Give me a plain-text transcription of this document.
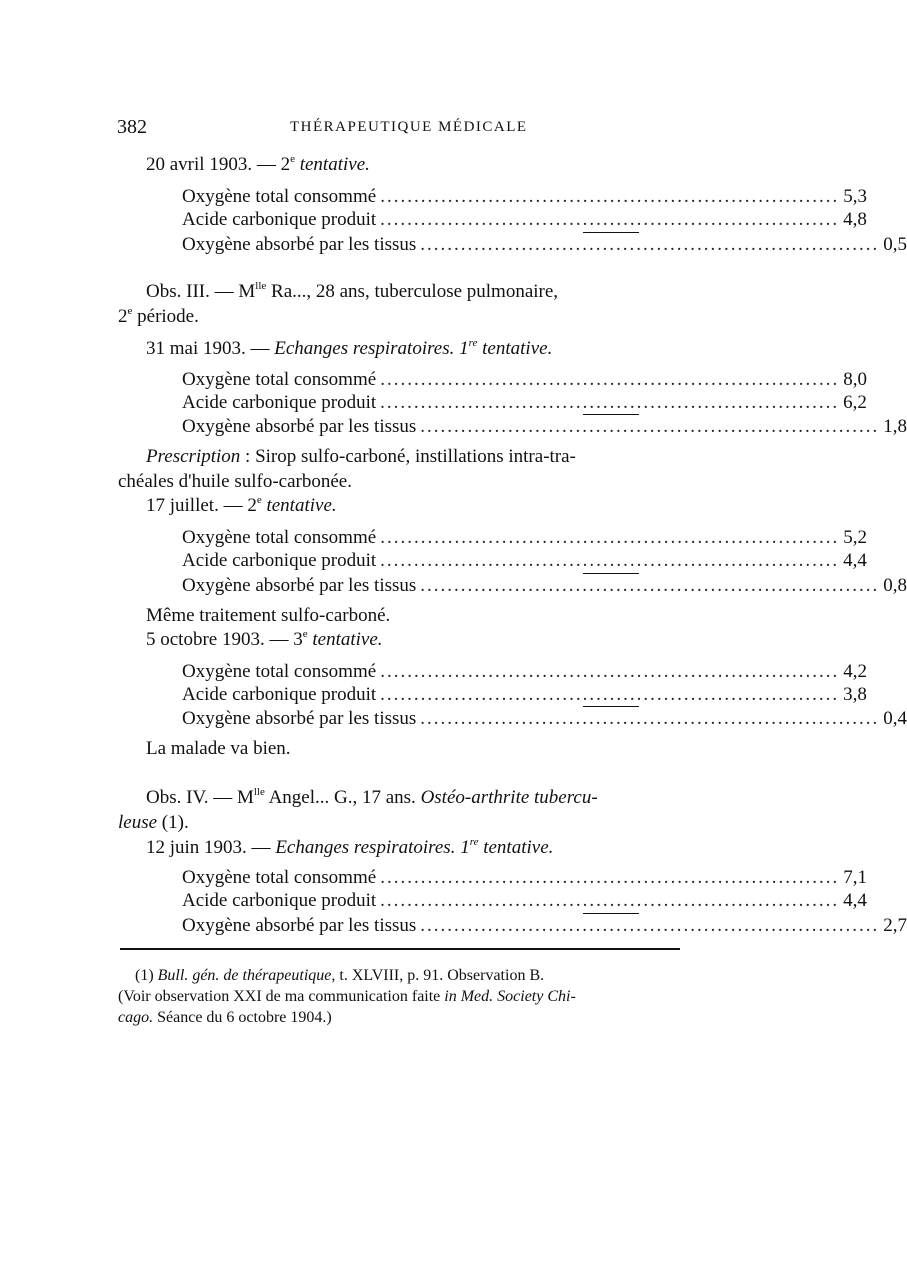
382	THÉRAPEUTIQUE MÉDICALE
20 avril 1903. — 2e tentative.
Oxygène total consommé .................................................................... 5,3
Acide carbonique produit .................................................................... 4,8
Oxygène absorbé par les tissus .................................................................... 0,5
Obs. III. — $M^{lle}$ Ra..., 28 ans, tuberculose pulmonaire,
2e période.
31 mai 1903. — Echanges respiratoires. 1re tentative.
Oxygène total consommé .................................................................... 8,0
Acide carbonique produit .................................................................... 6,2
Oxygène absorbé par les tissus .................................................................... 1,8
Prescription : Sirop sulfo-carboné, instillations intra-tra-
chéales d'huile sulfo-carbonée.
17 juillet. — 2e tentative.
Oxygène total consommé .................................................................... 5,2
Acide carbonique produit .................................................................... 4,4
Oxygène absorbé par les tissus .................................................................... 0,8
Même traitement sulfo-carboné.
5 octobre 1903. — 3e tentative.
Oxygène total consommé .................................................................... 4,2
Acide carbonique produit .................................................................... 3,8
Oxygène absorbé par les tissus .................................................................... 0,4
La malade va bien.
Obs. IV. — $M^{lle}$ Angel... G., 17 ans. Ostéo-arthrite tubercu-
leuse (1).
12 juin 1903. — Echanges respiratoires. 1re tentative.
Oxygène total consommé .................................................................... 7,1
Acide carbonique produit .................................................................... 4,4
Oxygène absorbé par les tissus .................................................................... 2,7
(1) Bull. gén. de thérapeutique, t. XLVIII, p. 91. Observation B.
(Voir observation XXI de ma communication faite in Med. Society Chi-
cago. Séance du 6 octobre 1904.)
